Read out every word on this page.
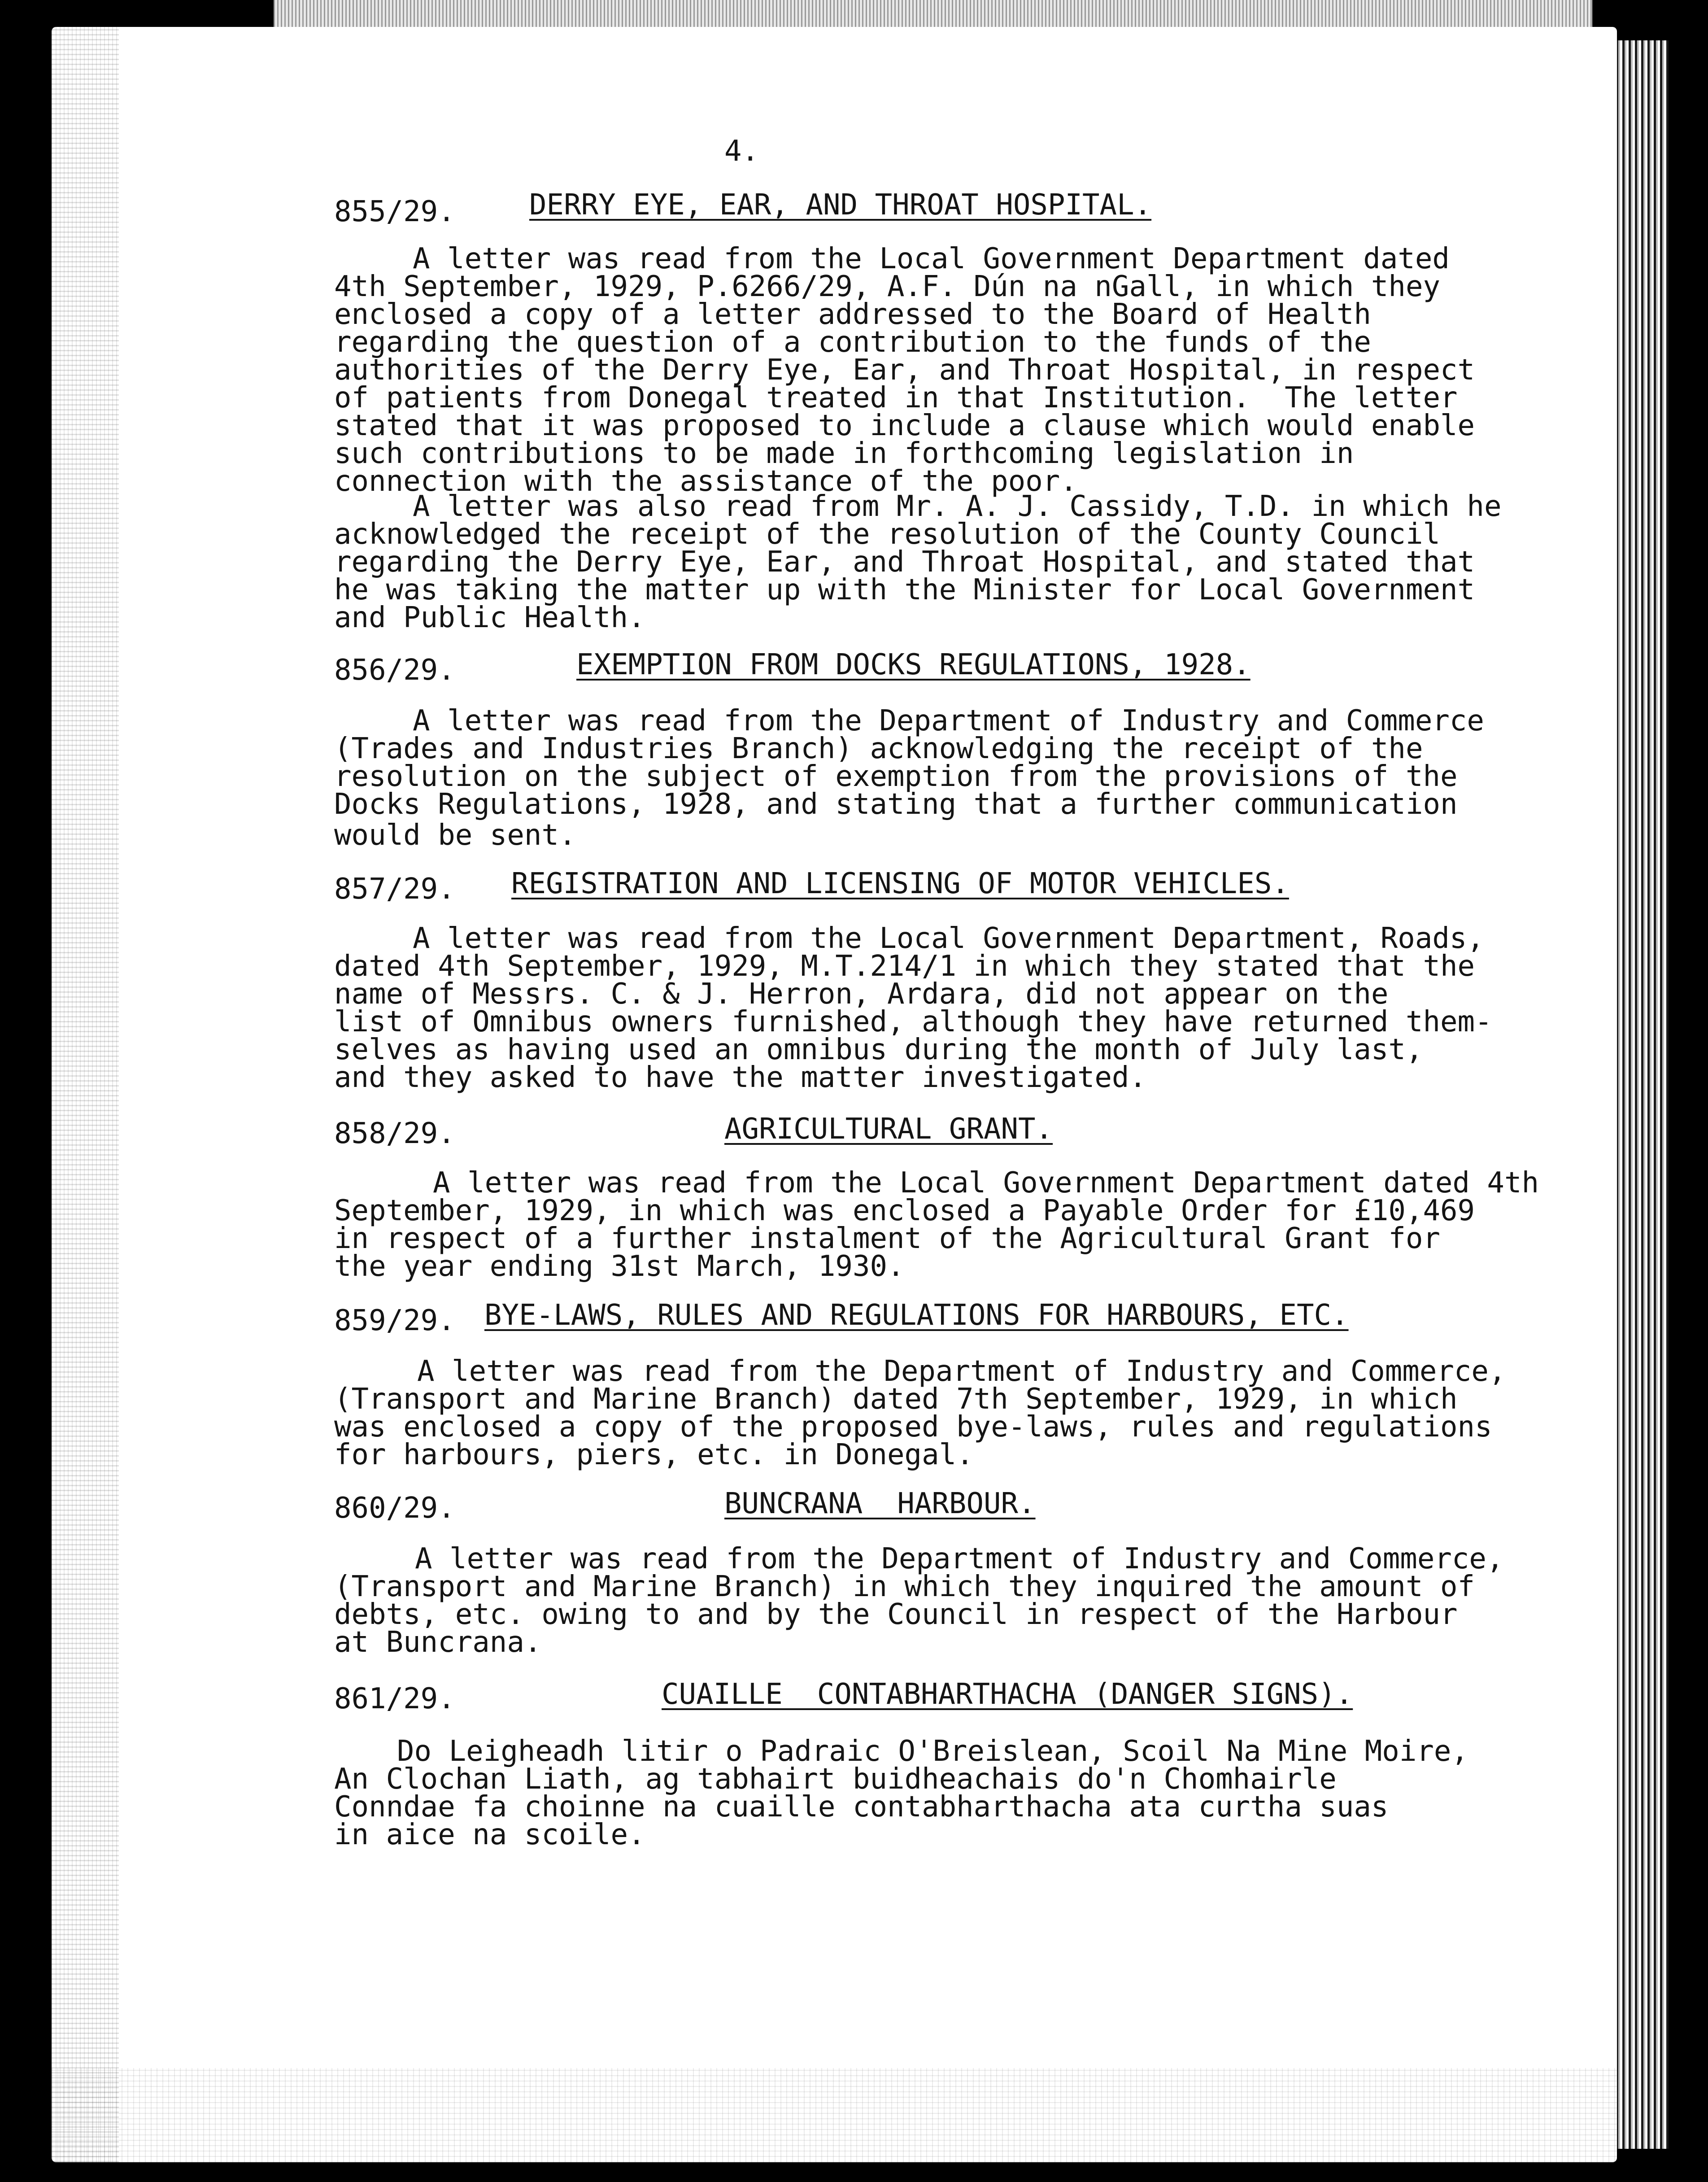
4.
855/29.	DERRY EYE, EAR, AND THROAT HOSPITAL.
A letter was read from the Local Government Department dated
4th September, 1929, P.6266/29, A.F. Dún na nGall, in which they
enclosed a copy of a letter addressed to the Board of Health
regarding the question of a contribution to the funds of the
authorities of the Derry Eye, Ear, and Throat Hospital, in respect
of patients from Donegal treated in that Institution.  The letter
stated that it was proposed to include a clause which would enable
such contributions to be made in forthcoming legislation in
connection with the assistance of the poor.
A letter was also read from Mr. A. J. Cassidy, T.D. in which he
acknowledged the receipt of the resolution of the County Council
regarding the Derry Eye, Ear, and Throat Hospital, and stated that
he was taking the matter up with the Minister for Local Government
and Public Health.
856/29.	EXEMPTION FROM DOCKS REGULATIONS, 1928.
A letter was read from the Department of Industry and Commerce
(Trades and Industries Branch) acknowledging the receipt of the
resolution on the subject of exemption from the provisions of the
Docks Regulations, 1928, and stating that a further communication
would be sent.
857/29. REGISTRATION AND LICENSING OF MOTOR VEHICLES.
A letter was read from the Local Government Department, Roads,
dated 4th September, 1929, M.T.214/1 in which they stated that the
name of Messrs. C. & J. Herron, Ardara, did not appear on the
list of Omnibus owners furnished, although they have returned them-
selves as having used an omnibus during the month of July last,
and they asked to have the matter investigated.
858/29.	AGRICULTURAL GRANT.
A letter was read from the Local Government Department dated 4th
September, 1929, in which was enclosed a Payable Order for £10,469
in respect of a further instalment of the Agricultural Grant for
the year ending 31st March, 1930.
859/29. BYE-LAWS, RULES AND REGULATIONS FOR HARBOURS, ETC.
A letter was read from the Department of Industry and Commerce,
(Transport and Marine Branch) dated 7th September, 1929, in which
was enclosed a copy of the proposed bye-laws, rules and regulations
for harbours, piers, etc. in Donegal.
860/29.	BUNCRANA  HARBOUR.
A letter was read from the Department of Industry and Commerce,
(Transport and Marine Branch) in which they inquired the amount of
debts, etc. owing to and by the Council in respect of the Harbour
at Buncrana.
861/29.	CUAILLE  CONTABHARTHACHA (DANGER SIGNS).
Do Leigheadh litir o Padraic O'Breislean, Scoil Na Mine Moire,
An Clochan Liath, ag tabhairt buidheachais do'n Chomhairle
Conndae fa choinne na cuaille contabharthacha ata curtha suas
in aice na scoile.
